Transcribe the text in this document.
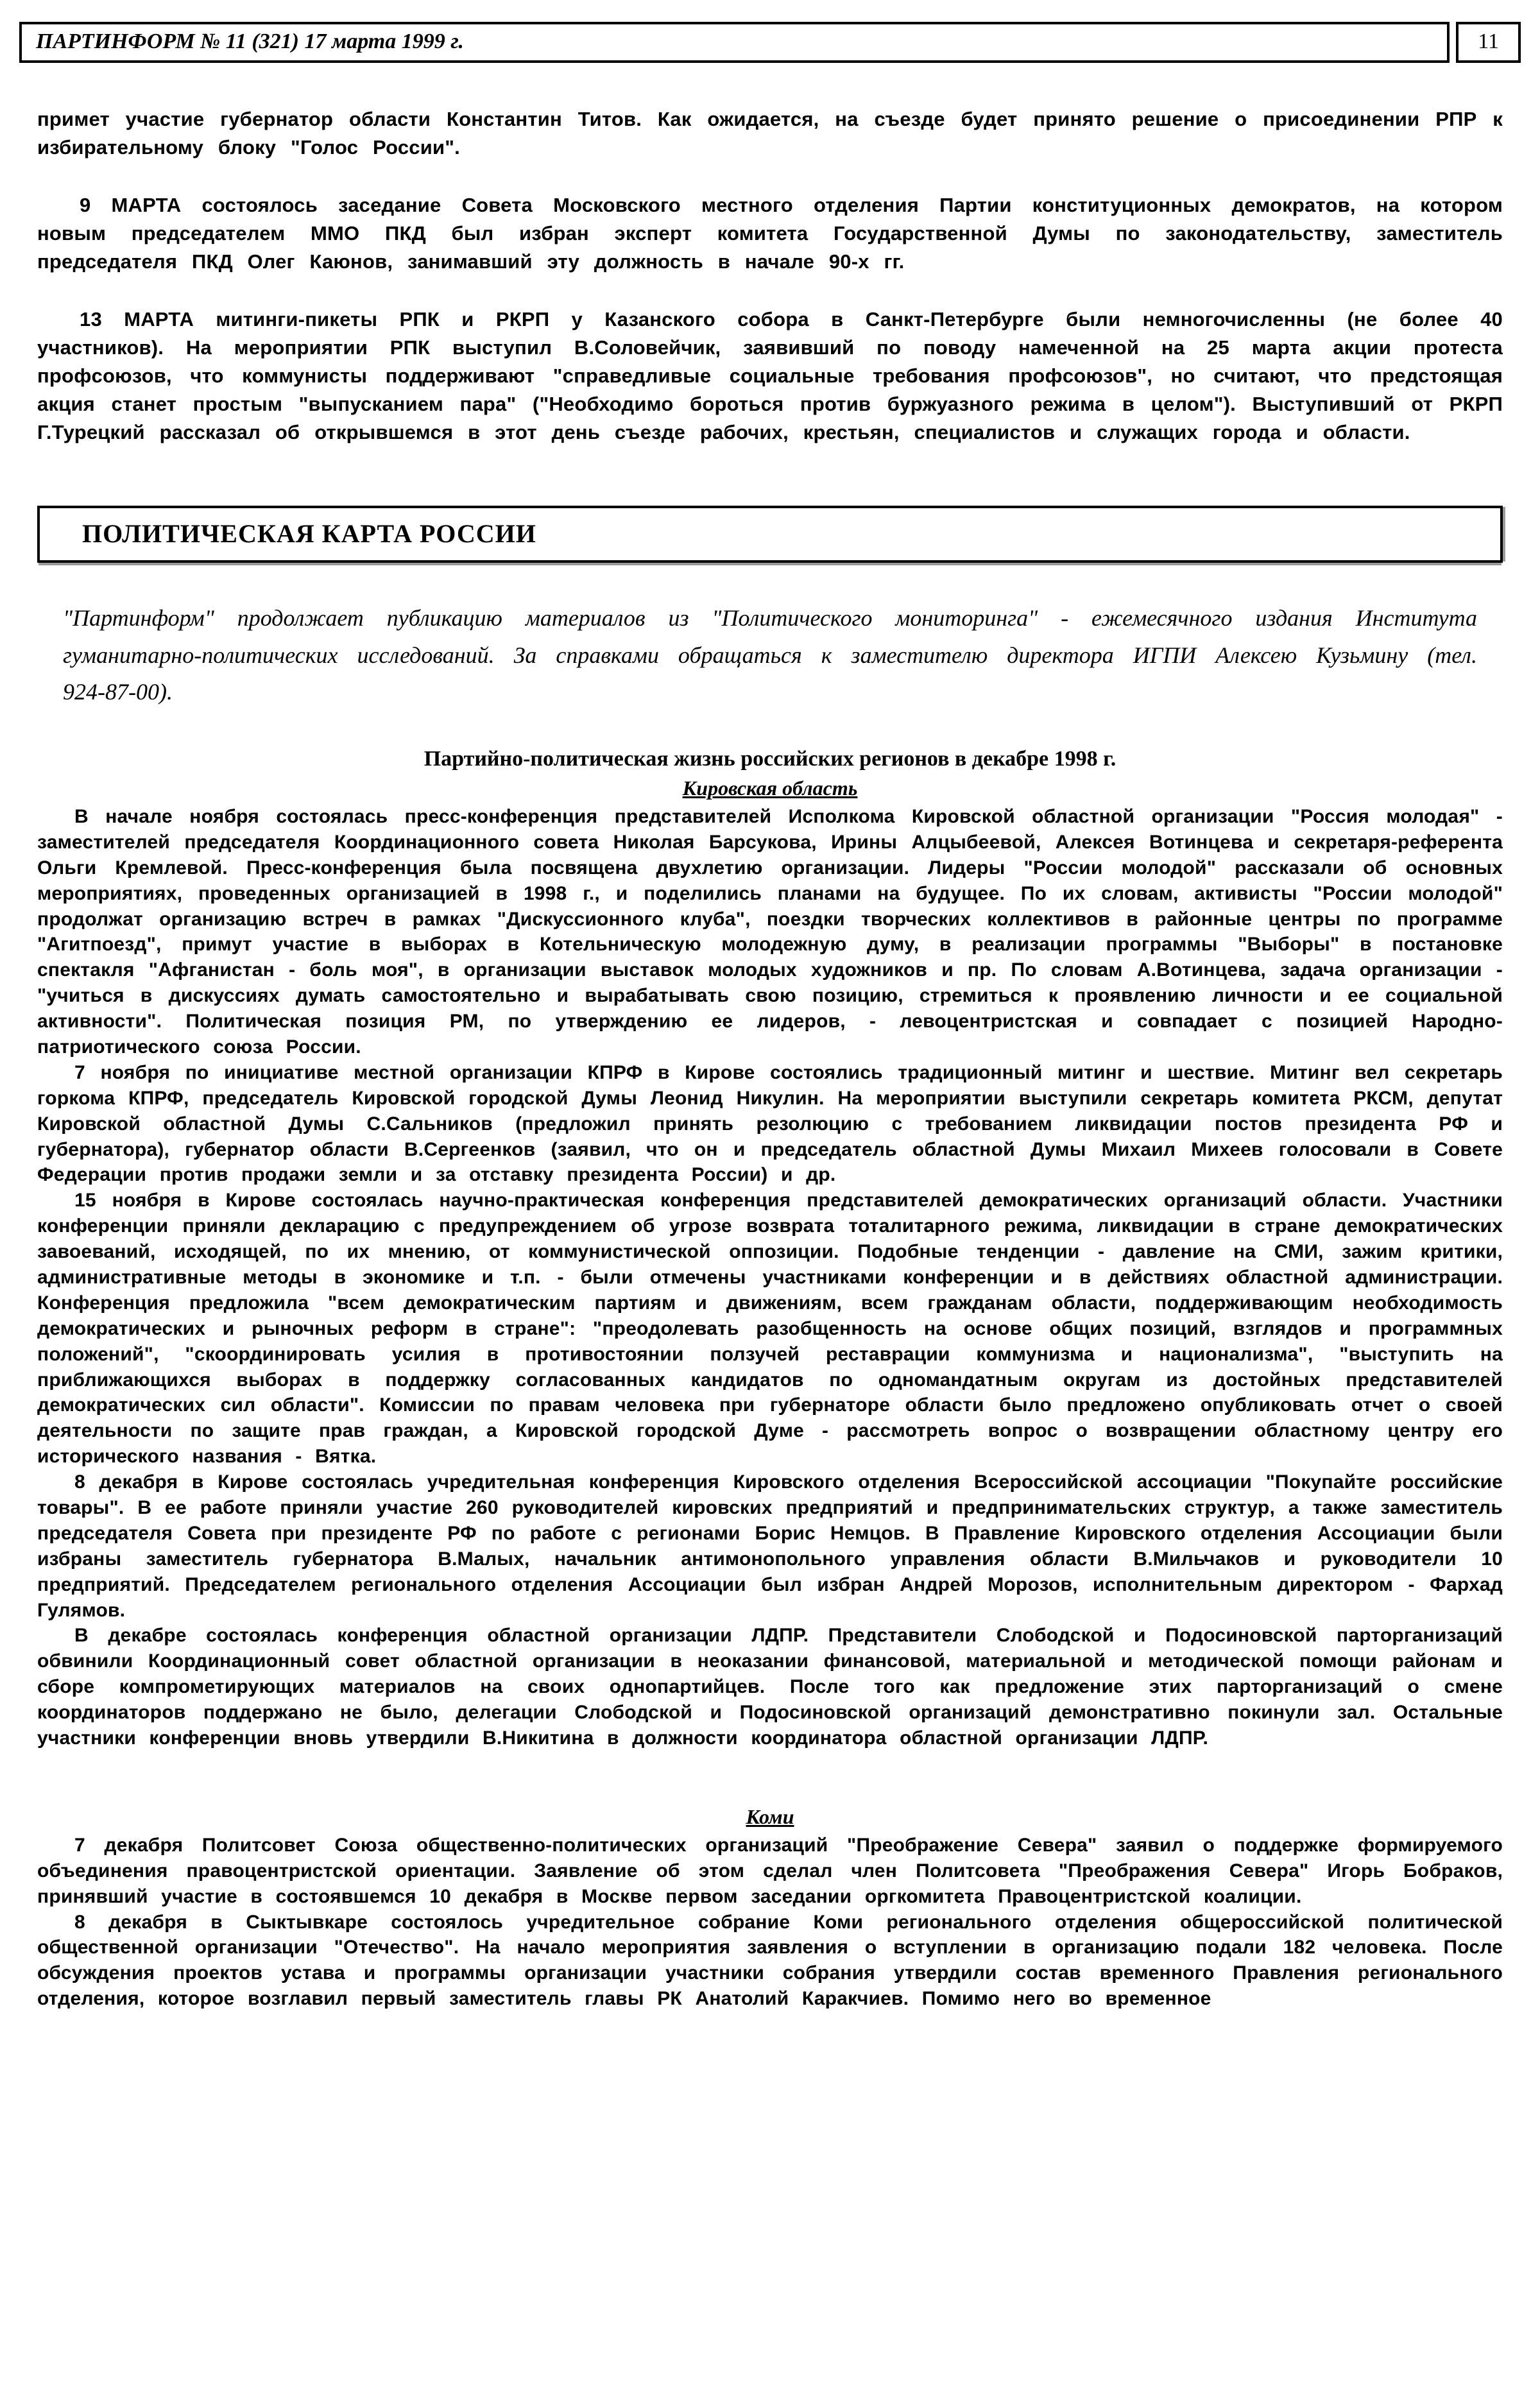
ПАРТИНФОРМ № 11 (321) 17 марта 1999 г.	11

примет участие губернатор области Константин Титов. Как ожидается, на съезде будет принято решение о присоединении РПР к избирательному блоку "Голос России".

9 МАРТА состоялось заседание Совета Московского местного отделения Партии конституционных демократов, на котором новым председателем ММО ПКД был избран эксперт комитета Государственной Думы по законодательству, заместитель председателя ПКД Олег Каюнов, занимавший эту должность в начале 90-х гг.

13 МАРТА митинги-пикеты РПК и РКРП у Казанского собора в Санкт-Петербурге были немногочисленны (не более 40 участников). На мероприятии РПК выступил В.Соловейчик, заявивший по поводу намеченной на 25 марта акции протеста профсоюзов, что коммунисты поддерживают "справедливые социальные требования профсоюзов", но считают, что предстоящая акция станет простым "выпусканием пара" ("Необходимо бороться против буржуазного режима в целом"). Выступивший от РКРП Г.Турецкий рассказал об открывшемся в этот день съезде рабочих, крестьян, специалистов и служащих города и области.

ПОЛИТИЧЕСКАЯ КАРТА РОССИИ

"Партинформ" продолжает публикацию материалов из "Политического мониторинга" - ежемесячного издания Института гуманитарно-политических исследований. За справками обращаться к заместителю директора ИГПИ Алексею Кузьмину (тел. 924-87-00).

Партийно-политическая жизнь российских регионов в декабре 1998 г.
Кировская область

В начале ноября состоялась пресс-конференция представителей Исполкома Кировской областной организации "Россия молодая" - заместителей председателя Координационного совета Николая Барсукова, Ирины Алцыбеевой, Алексея Вотинцева и секретаря-референта Ольги Кремлевой. Пресс-конференция была посвящена двухлетию организации. Лидеры "России молодой" рассказали об основных мероприятиях, проведенных организацией в 1998 г., и поделились планами на будущее. По их словам, активисты "России молодой" продолжат организацию встреч в рамках "Дискуссионного клуба", поездки творческих коллективов в районные центры по программе "Агитпоезд", примут участие в выборах в Котельническую молодежную думу, в реализации программы "Выборы" в постановке спектакля "Афганистан - боль моя", в организации выставок молодых художников и пр. По словам А.Вотинцева, задача организации - "учиться в дискуссиях думать самостоятельно и вырабатывать свою позицию, стремиться к проявлению личности и ее социальной активности". Политическая позиция РМ, по утверждению ее лидеров, - левоцентристская и совпадает с позицией Народно-патриотического союза России.

7 ноября по инициативе местной организации КПРФ в Кирове состоялись традиционный митинг и шествие. Митинг вел секретарь горкома КПРФ, председатель Кировской городской Думы Леонид Никулин. На мероприятии выступили секретарь комитета РКСМ, депутат Кировской областной Думы С.Сальников (предложил принять резолюцию с требованием ликвидации постов президента РФ и губернатора), губернатор области В.Сергеенков (заявил, что он и председатель областной Думы Михаил Михеев голосовали в Совете Федерации против продажи земли и за отставку президента России) и др.

15 ноября в Кирове состоялась научно-практическая конференция представителей демократических организаций области. Участники конференции приняли декларацию с предупреждением об угрозе возврата тоталитарного режима, ликвидации в стране демократических завоеваний, исходящей, по их мнению, от коммунистической оппозиции. Подобные тенденции - давление на СМИ, зажим критики, административные методы в экономике и т.п. - были отмечены участниками конференции и в действиях областной администрации. Конференция предложила "всем демократическим партиям и движениям, всем гражданам области, поддерживающим необходимость демократических и рыночных реформ в стране": "преодолевать разобщенность на основе общих позиций, взглядов и программных положений", "скоординировать усилия в противостоянии ползучей реставрации коммунизма и национализма", "выступить на приближающихся выборах в поддержку согласованных кандидатов по одномандатным округам из достойных представителей демократических сил области". Комиссии по правам человека при губернаторе области было предложено опубликовать отчет о своей деятельности по защите прав граждан, а Кировской городской Думе - рассмотреть вопрос о возвращении областному центру его исторического названия - Вятка.

8 декабря в Кирове состоялась учредительная конференция Кировского отделения Всероссийской ассоциации "Покупайте российские товары". В ее работе приняли участие 260 руководителей кировских предприятий и предпринимательских структур, а также заместитель председателя Совета при президенте РФ по работе с регионами Борис Немцов. В Правление Кировского отделения Ассоциации были избраны заместитель губернатора В.Малых, начальник антимонопольного управления области В.Мильчаков и руководители 10 предприятий. Председателем регионального отделения Ассоциации был избран Андрей Морозов, исполнительным директором - Фархад Гулямов.

В декабре состоялась конференция областной организации ЛДПР. Представители Слободской и Подосиновской парторганизаций обвинили Координационный совет областной организации в неоказании финансовой, материальной и методической помощи районам и сборе компрометирующих материалов на своих однопартийцев. После того как предложение этих парторганизаций о смене координаторов поддержано не было, делегации Слободской и Подосиновской организаций демонстративно покинули зал. Остальные участники конференции вновь утвердили В.Никитина в должности координатора областной организации ЛДПР.

Коми

7 декабря Политсовет Союза общественно-политических организаций "Преображение Севера" заявил о поддержке формируемого объединения правоцентристской ориентации. Заявление об этом сделал член Политсовета "Преображения Севера" Игорь Бобраков, принявший участие в состоявшемся 10 декабря в Москве первом заседании оргкомитета Правоцентристской коалиции.

8 декабря в Сыктывкаре состоялось учредительное собрание Коми регионального отделения общероссийской политической общественной организации "Отечество". На начало мероприятия заявления о вступлении в организацию подали 182 человека. После обсуждения проектов устава и программы организации участники собрания утвердили состав временного Правления регионального отделения, которое возглавил первый заместитель главы РК Анатолий Каракчиев. Помимо него во временное
